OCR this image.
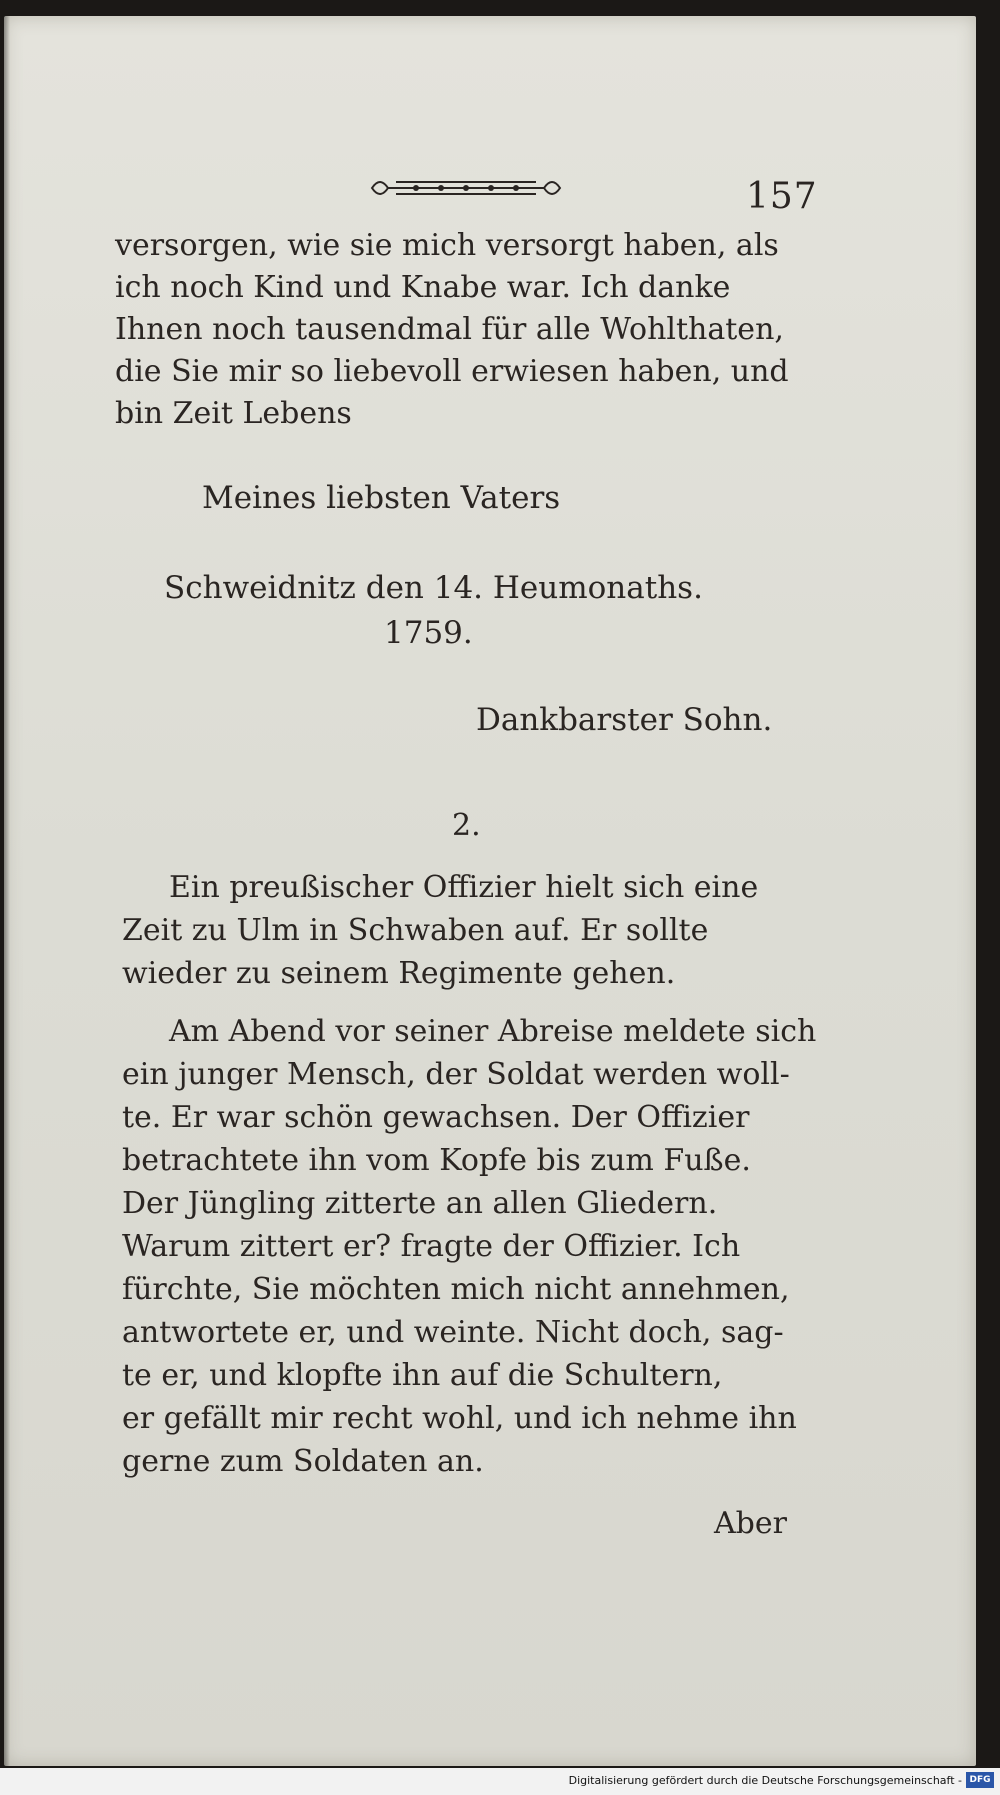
157
versorgen, wie sie mich versorgt haben, als
ich noch Kind und Knabe war. Ich danke
Ihnen noch tausendmal für alle Wohlthaten,
die Sie mir so liebevoll erwiesen haben, und
bin Zeit Lebens
Meines liebsten Vaters
Schweidnitz den 14. Heumonaths.
1759.
Dankbarster Sohn.
2.
Ein preußischer Offizier hielt sich eine
Zeit zu Ulm in Schwaben auf. Er sollte
wieder zu seinem Regimente gehen.
Am Abend vor seiner Abreise meldete sich
ein junger Mensch, der Soldat werden woll-
te. Er war schön gewachsen. Der Offizier
betrachtete ihn vom Kopfe bis zum Fuße.
Der Jüngling zitterte an allen Gliedern.
Warum zittert er? fragte der Offizier. Ich
fürchte, Sie möchten mich nicht annehmen,
antwortete er, und weinte. Nicht doch, sag-
te er, und klopfte ihn auf die Schultern,
er gefällt mir recht wohl, und ich nehme ihn
gerne zum Soldaten an.
Aber
Digitalisierung gefördert durch die Deutsche Forschungsgemeinschaft - DFG
